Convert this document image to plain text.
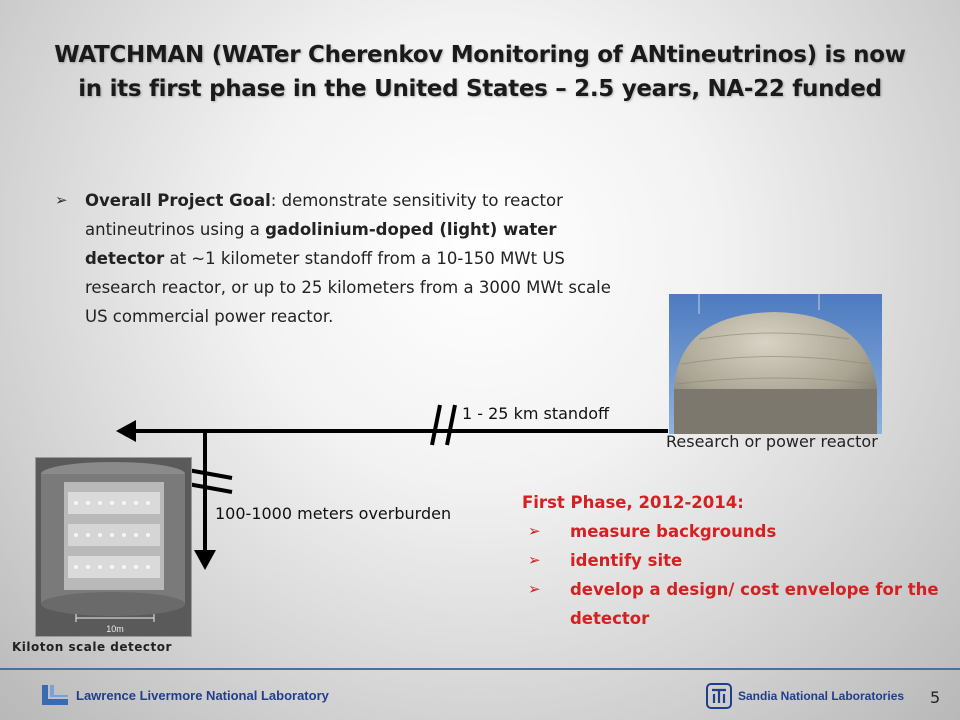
WATCHMAN (WATer Cherenkov Monitoring of ANtineutrinos) is now in its first phase in the United States – 2.5 years, NA-22 funded
➢ Overall Project Goal: demonstrate sensitivity to reactor antineutrinos using a gadolinium-doped (light) water detector at ~1 kilometer standoff from a 10-150 MWt US research reactor, or up to 25 kilometers from a 3000 MWt scale US commercial power reactor.
Research or power reactor
1 - 25 km standoff
100-1000 meters overburden
10m
Kiloton scale detector
First Phase, 2012-2014:
➢ measure backgrounds
➢ identify site
➢ develop a design/ cost envelope for the detector
Lawrence Livermore National Laboratory	Sandia National Laboratories 5
